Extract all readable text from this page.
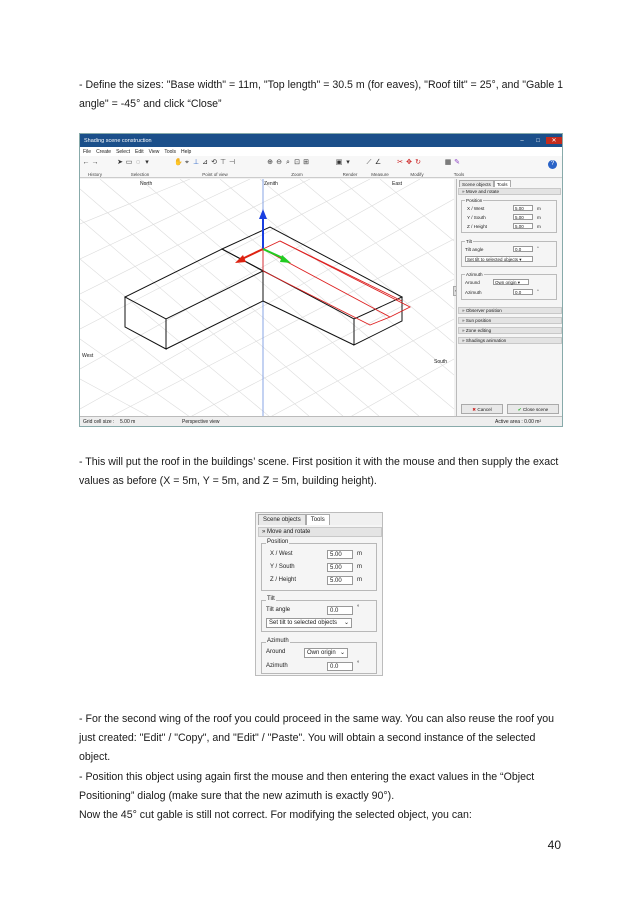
- Define the sizes: "Base width" = 11m, "Top length" = 30.5 m (for eaves), "Roof tilt" = 25°, and "Gable 1 angle" = -45° and click “Close”

Shading scene construction	–	□	✕
File Create Select Edit View Tools Help
← →
History
➤ ▭ ◌ ▾
Selection
✋ ⌖ ⊥ ⊿ ⟲ ⊤ ⊣
Point of view
⊕ ⊖ ⌕ ⊡ ⊞
Zoom
▣ ▾
Render
⟋ ∠
Measure
✂ ✥ ↻
Modify
▦ ✎
Tools
?
North	Zenith	East
West
South
Scene objects	Tools
» Move and rotate
Position
X / West	5.00	m
Y / South	5.00	m
Z / Height	5.00	m
Tilt
Tilt angle	0.0	°
Set tilt to selected objects ▾
Azimuth
Around	Own origin ▾
Azimuth	0.0	°
» Observer position
» Sun position
» Zone editing
» Shadings animation
✖ Cancel	✔ Close scene
Grid cell size : 5.00 m	Perspective view	Active area : 0.00 m²

- This will put the roof in the buildings’ scene. First position it with the mouse and then supply the exact values as before (X = 5m, Y = 5m, and Z = 5m, building height).

Scene objects	Tools
» Move and rotate
Position
X / West	5.00	m
Y / South	5.00	m
Z / Height	5.00	m
Tilt
Tilt angle	0.0	°
Set tilt to selected objects ⌄
Azimuth
Around	Own origin ⌄
Azimuth	0.0	°

- For the second wing of the roof you could proceed in the same way. You can also reuse the roof you just created: "Edit" / "Copy", and "Edit" / "Paste". You will obtain a second instance of the selected object.

- Position this object using again first the mouse and then entering the exact values in the “Object Positioning” dialog (make sure that the new azimuth is exactly 90°).

Now the 45° cut gable is still not correct. For modifying the selected object, you can:

40
